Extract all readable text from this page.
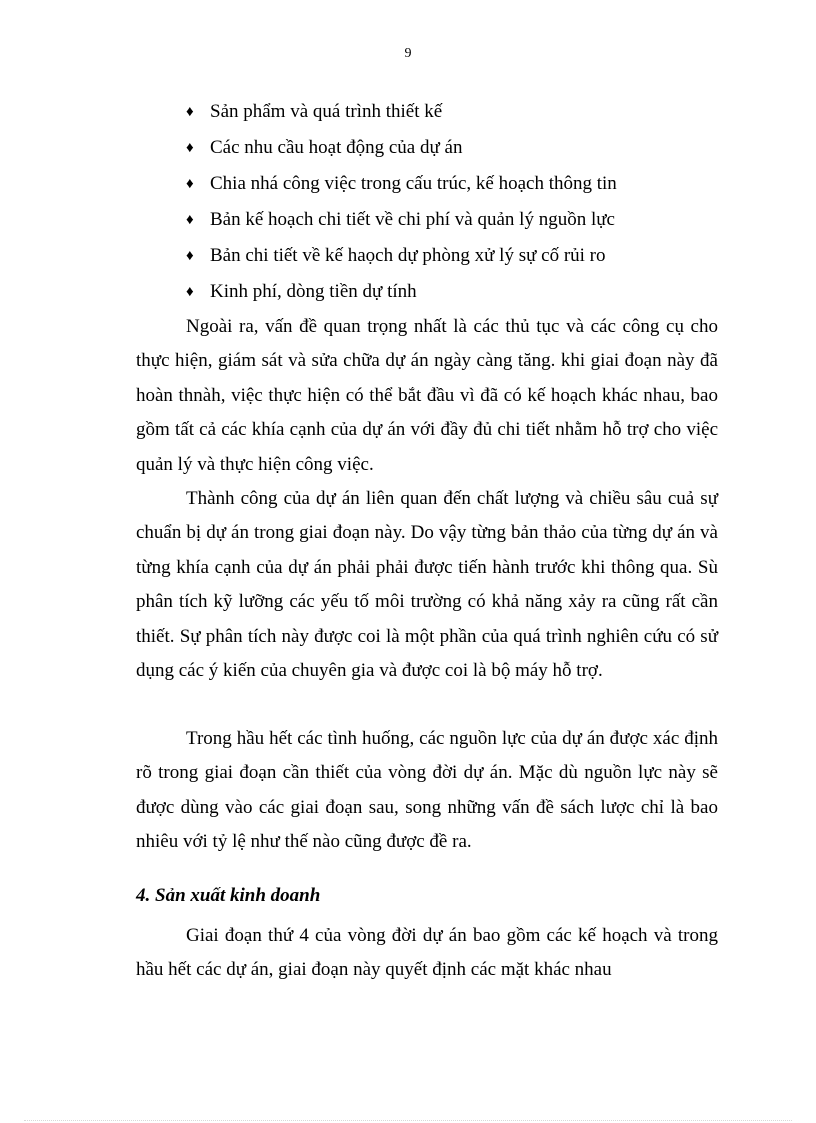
9
♦ Sản phẩm và quá trình thiết kế
♦ Các nhu cầu hoạt động của dự án
♦ Chia nhá công việc trong cấu trúc, kế hoạch thông tin
♦ Bản kế hoạch chi tiết về chi phí và quản lý nguồn lực
♦ Bản chi tiết về kế haọch dự phòng xử lý sự cố rủi ro
♦ Kinh phí, dòng tiền dự tính

Ngoài ra, vấn đề quan trọng nhất là các thủ tục và các công cụ cho thực hiện, giám sát và sửa chữa dự án ngày càng tăng. khi giai đoạn này đã hoàn thnàh, việc thực hiện có thể bắt đầu vì đã có kế hoạch khác nhau, bao gồm tất cả các khía cạnh của dự án với đầy đủ chi tiết nhằm hỗ trợ cho việc quản lý và thực hiện công việc.

Thành công của dự án liên quan đến chất lượng và chiều sâu cuả sự chuẩn bị dự án trong giai đoạn này. Do vậy từng bản thảo của từng dự án và từng khía cạnh của dự án phải phải được tiến hành trước khi thông qua. Sù phân tích kỹ lưỡng các yếu tố môi trường có khả năng xảy ra cũng rất cần thiết. Sự phân tích này được coi là một phần của quá trình nghiên cứu có sử dụng các ý kiến của chuyên gia và được coi là bộ máy hỗ trợ.

Trong hầu hết các tình huống, các nguồn lực của dự án được xác định rõ trong giai đoạn cần thiết của vòng đời dự án. Mặc dù nguồn lực này sẽ được dùng vào các giai đoạn sau, song những vấn đề sách lược chỉ là bao nhiêu với tỷ lệ như thế nào cũng được đề ra.

4. Sản xuất kinh doanh

Giai đoạn thứ 4 của vòng đời dự án bao gồm các kế hoạch và trong hầu hết các dự án, giai đoạn này quyết định các mặt khác nhau
